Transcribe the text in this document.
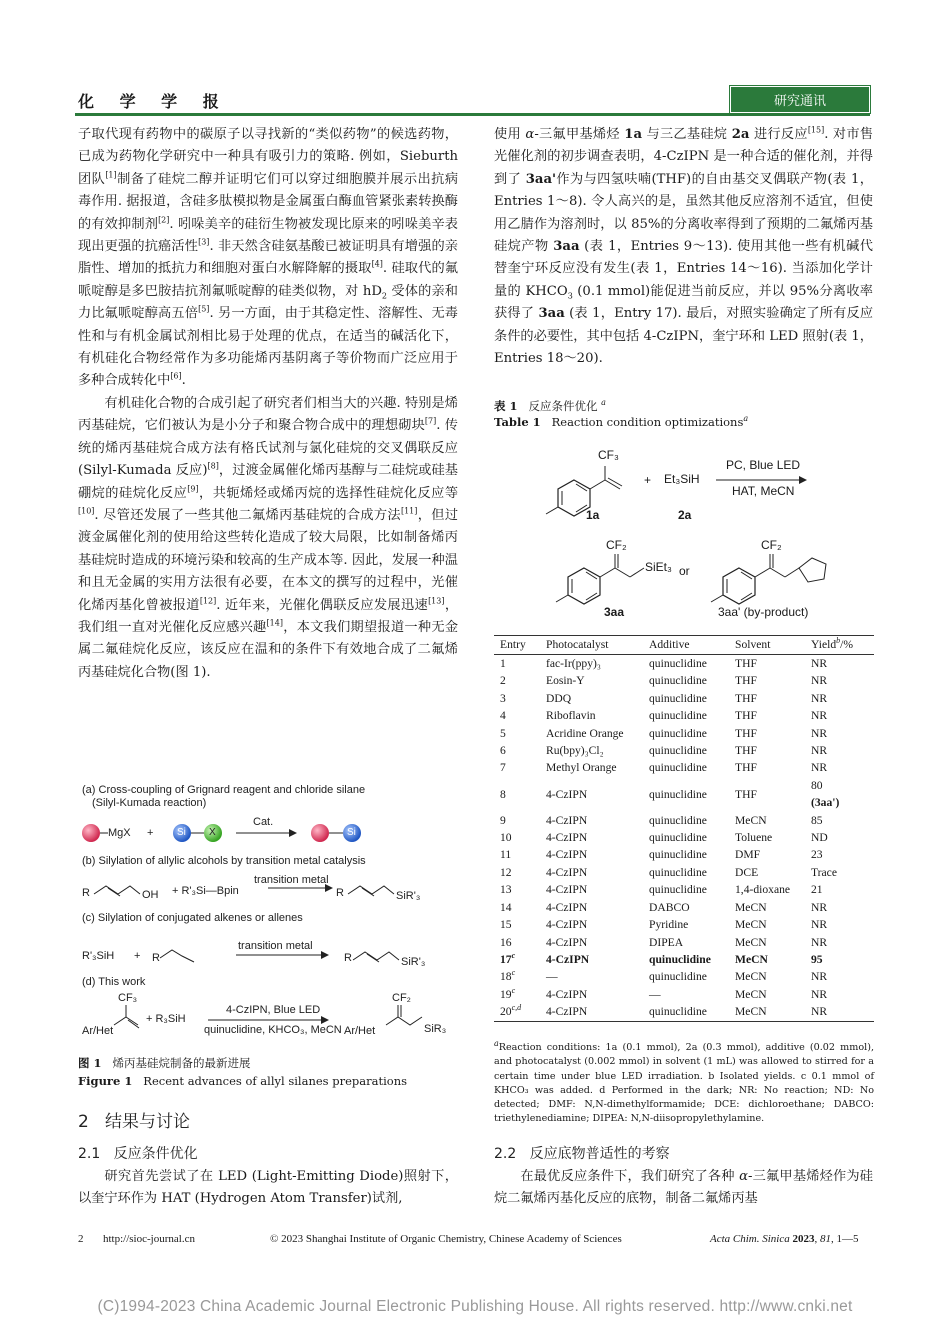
化 学 学 报	研究通讯

子取代现有药物中的碳原子以寻找新的“类似药物”的候选药物，已成为药物化学研究中一种具有吸引力的策略. 例如，Sieburth 团队[1]制备了硅烷二醇并证明它们可以穿过细胞膜并展示出抗病毒作用. 据报道，含硅多肽模拟物是金属蛋白酶血管紧张素转换酶的有效抑制剂[2]. 吲哚美辛的硅衍生物被发现比原来的吲哚美辛表现出更强的抗癌活性[3]. 非天然含硅氨基酸已被证明具有增强的亲脂性、增加的抵抗力和细胞对蛋白水解降解的摄取[4]. 硅取代的氟哌啶醇是多巴胺拮抗剂氟哌啶醇的硅类似物，对 $hD_2$ 受体的亲和力比氟哌啶醇高五倍[5]. 另一方面，由于其稳定性、溶解性、无毒性和与有机金属试剂相比易于处理的优点，在适当的碱活化下，有机硅化合物经常作为多功能烯丙基阴离子等价物而广泛应用于多种合成转化中[6].

有机硅化合物的合成引起了研究者们相当大的兴趣. 特别是烯丙基硅烷，它们被认为是小分子和聚合物合成中的理想砌块[7]. 传统的烯丙基硅烷合成方法有格氏试剂与氯化硅烷的交叉偶联反应(Silyl-Kumada 反应)[8]，过渡金属催化烯丙基醇与二硅烷或硅基硼烷的硅烷化反应[9]，共轭烯烃或烯丙烷的选择性硅烷化反应等[10]. 尽管还发展了一些其他二氟烯丙基硅烷的合成方法[11]，但过渡金属催化剂的使用给这些转化造成了较大局限，比如制备烯丙基硅烷时造成的环境污染和较高的生产成本等. 因此，发展一种温和且无金属的实用方法很有必要，在本文的撰写的过程中，光催化烯丙基化曾被报道[12]. 近年来，光催化偶联反应发展迅速[13]，我们组一直对光催化反应感兴趣[14]，本文我们期望报道一种无金属二氟硅烷化反应，该反应在温和的条件下有效地合成了二氟烯丙基硅烷化合物(图 1).

(a) Cross-coupling of Grignard reagent and chloride silane
(Silyl-Kumada reaction)
MgX + Si X
Cat.
Si
(b) Silylation of allylic alcohols by transition metal catalysis
R	OH + R'₃Si—Bpin
transition metal
R	SiR'₃
(c) Silylation of conjugated alkenes or allenes
R'₃SiH + R
transition metal
R	SiR'₃
(d) This work
CF₃
Ar/Het
+ R₃SiH
4-CzIPN, Blue LED
quinuclidine, KHCO₃, MeCN
CF₂
Ar/Het	SiR₃
图 1 烯丙基硅烷制备的最新进展
Figure 1 Recent advances of allyl silanes preparations
2 结果与讨论
2.1 反应条件优化

研究首先尝试了在 LED (Light-Emitting Diode)照射下，以奎宁环作为 HAT (Hydrogen Atom Transfer)试剂,

2.2 反应底物普适性的考察

在最优反应条件下，我们研究了各种 α-三氟甲基烯烃作为硅烷二氟烯丙基化反应的底物，制备二氟烯丙基

使用 α-三氟甲基烯烃 1a 与三乙基硅烷 2a 进行反应[15]. 对市售光催化剂的初步调查表明，4-CzIPN 是一种合适的催化剂，并得到了 3aa'作为与四氢呋喃(THF)的自由基交叉偶联产物(表 1，Entries 1～8). 令人高兴的是，虽然其他反应溶剂不适宜，但使用乙腈作为溶剂时，以 85%的分离收率得到了预期的二氟烯丙基硅烷产物 3aa (表 1，Entries 9～13). 使用其他一些有机碱代替奎宁环反应没有发生(表 1，Entries 14～16). 当添加化学计量的 $KHCO_3$ (0.1 mmol)能促进当前反应，并以 95%分离收率获得了 3aa (表 1，Entry 17). 最后，对照实验确定了所有反应条件的必要性，其中包括 4-CzIPN，奎宁环和 LED 照射(表 1，Entries 18～20).

表 1 反应条件优化 $^a$
Table 1 Reaction condition optimizations$^a$
CF₃
+ Et₃SiH
PC, Blue LED
HAT, MeCN
1a	2a
CF₂
SiEt₃ or
CF₂
3aa	3aa' (by-product)
Entry	Photocatalyst	Additive	Solvent	Yield$^b$/%
1	fac-Ir(ppy)₃	quinuclidine	THF	NR
2	Eosin-Y	quinuclidine	THF	NR
3	DDQ	quinuclidine	THF	NR
4	Riboflavin	quinuclidine	THF	NR
5	Acridine Orange	quinuclidine	THF	NR
6	Ru(bpy)₃Cl₂	quinuclidine	THF	NR
7	Methyl Orange	quinuclidine	THF	NR
8	4-CzIPN	quinuclidine	THF	80
(3aa')
9	4-CzIPN	quinuclidine	MeCN	85
10	4-CzIPN	quinuclidine	Toluene	ND
11	4-CzIPN	quinuclidine	DMF	23
12	4-CzIPN	quinuclidine	DCE	Trace
13	4-CzIPN	quinuclidine	1,4-dioxane	21
14	4-CzIPN	DABCO	MeCN	NR
15	4-CzIPN	Pyridine	MeCN	NR
16	4-CzIPN	DIPEA	MeCN	NR
17$^c$	4-CzIPN	quinuclidine	MeCN	95
18$^c$	—	quinuclidine	MeCN	NR
19$^c$	4-CzIPN	—	MeCN	NR
20$^{c,d}$	4-CzIPN	quinuclidine	MeCN	NR
$^a$Reaction conditions: 1a (0.1 mmol), 2a (0.3 mmol), additive (0.02 mmol), and photocatalyst (0.002 mmol) in solvent (1 mL) was allowed to stirred for a certain time under blue LED irradiation. b Isolated yields. c 0.1 mmol of KHCO₃ was added. d Performed in the dark; NR: No reaction; ND: No detected; DMF: N,N-dimethylformamide; DCE: dichloroethane; DABCO: triethylenediamine; DIPEA: N,N-diisopropylethylamine.
2 http://sioc-journal.cn	© 2023 Shanghai Institute of Organic Chemistry, Chinese Academy of Sciences	Acta Chim. Sinica 2023, 81, 1—5
(C)1994-2023 China Academic Journal Electronic Publishing House. All rights reserved. http://www.cnki.net
